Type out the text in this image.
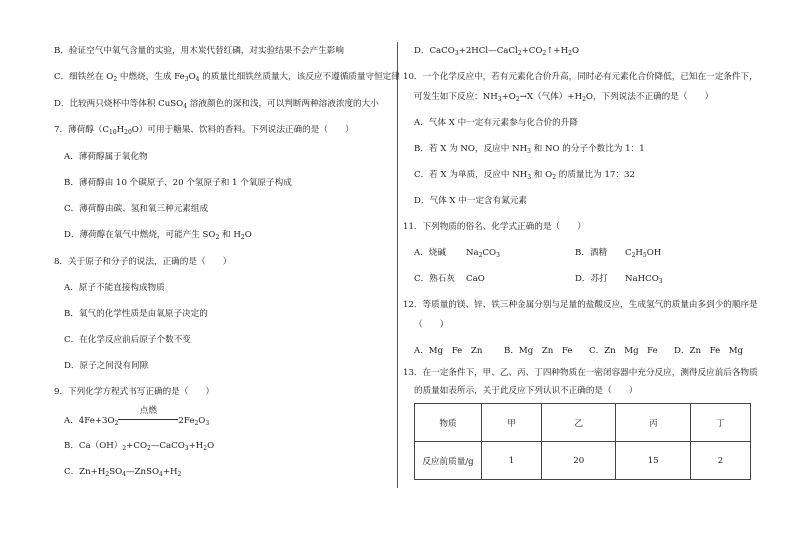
B．验证空气中氧气含量的实验，用木炭代替红磷，对实验结果不会产生影响
C．细铁丝在 $O_2$ 中燃烧，生成 $Fe_3O_4$ 的质量比细铁丝质量大，该反应不遵循质量守恒定律
D．比较两只烧杯中等体积 CuSO$_4$ 溶液颜色的深和浅，可以判断两种溶液浓度的大小
7．薄荷醇$(C_{10}H_{20}O)$可用于糖果、饮料的香料。下列说法正确的是（　　）
A．薄荷醇属于氧化物
B．薄荷醇由 10 个碳原子、20 个氢原子和 1 个氧原子构成
C．薄荷醇由碳、氢和氧三种元素组成
D．薄荷醇在氧气中燃烧，可能产生 $SO_2$ 和 $H_2O$
8．关于原子和分子的说法，正确的是（　　）
A．原子不能直接构成物质
B．氧气的化学性质是由氧原子决定的
C．在化学反应前后原子个数不变
D．原子之间没有间隙
9．下列化学方程式书写正确的是（　　）
A．$4Fe+3O_2$
点燃
$2Fe_2O_3$
B．$Ca(OH)_2+CO_2—CaCO_3+H_2O$
C．$Zn+H_2SO_4—ZnSO_4+H_2$
D．$CaCO_3+2HCl—CaCl_2+CO_2↑+H_2O$
10．一个化学反应中，若有元素化合价升高，同时必有元素化合价降低，已知在一定条件下，
可发生如下反应：$NH_3+O_2\to X$（气体）$+H_2O$，下列说法不正确的是（　　）
A．气体 X 中一定有元素参与化合价的升降
B．若 X 为 NO，反应中 $NH_3$ 和 NO 的分子个数比为 1：1
C．若 X 为单质，反应中 $NH_3$ 和 $O_2$ 的质量比为 17：32
D．气体 X 中一定含有氮元素
11．下列物质的俗名、化学式正确的是（　　）
A．烧碱 $Na_2CO_3$	B．酒精 $C_2H_5OH$
C．熟石灰 CaO	D．苏打 NaHCO$_3$
12．等质量的镁、锌、铁三种金属分别与足量的盐酸反应，生成氢气的质量由多到少的顺序是
（　　）
A．Mg　Fe　Zn	B．Mg　Zn　Fe C．Zn　Mg　Fe D．Zn　Fe　Mg
13．在一定条件下，甲、乙、丙、丁四种物质在一密闭容器中充分反应，测得反应前后各物质
的质量如表所示，关于此反应下列认识不正确的是（　　）
物质	甲	乙	丙	丁
反应前质量/g	1	20	15	2
